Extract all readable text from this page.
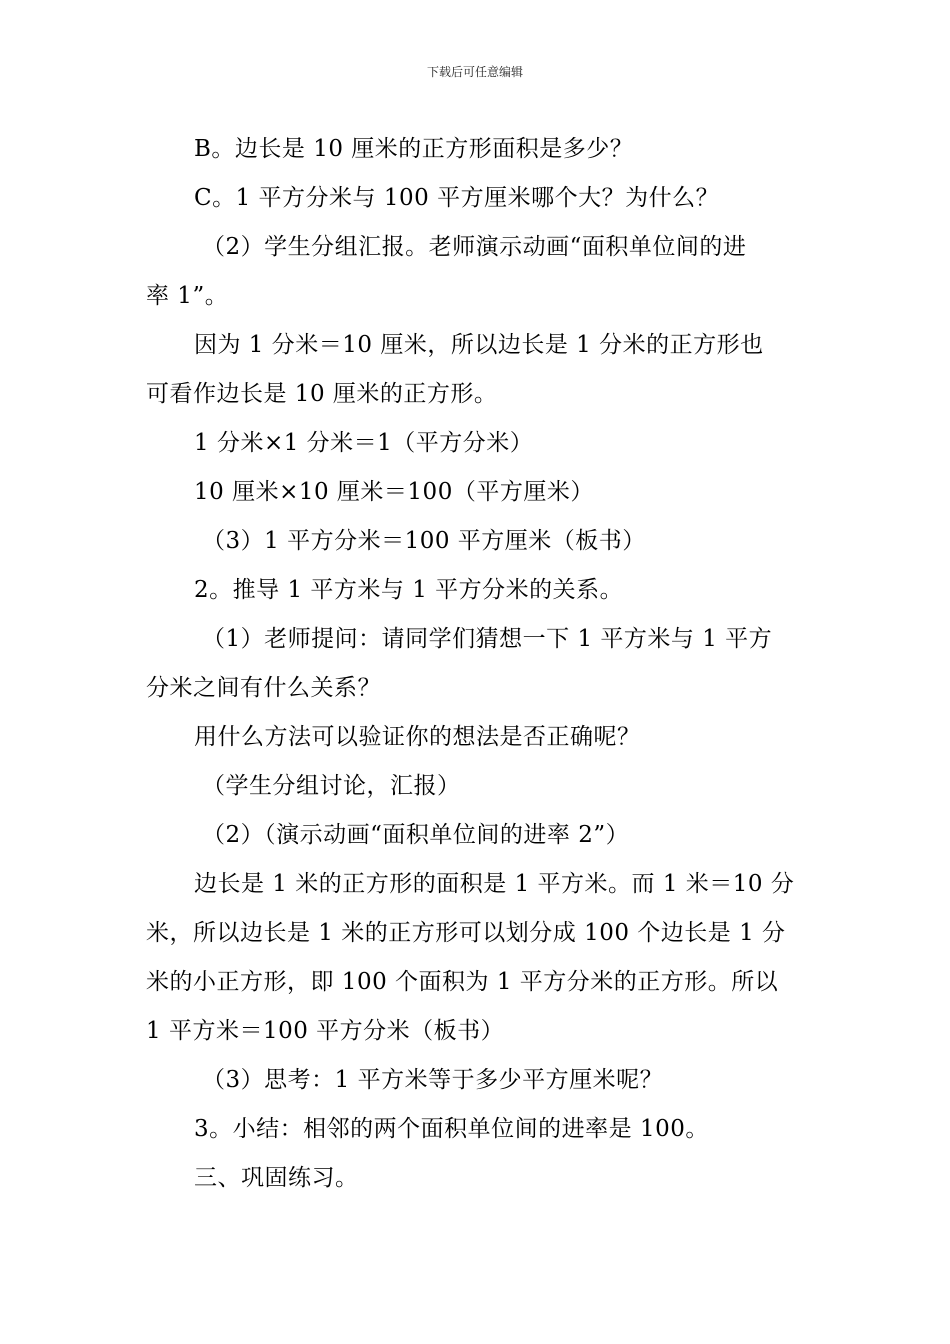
下载后可任意编辑
B。边长是 10 厘米的正方形面积是多少？
C。1 平方分米与 100 平方厘米哪个大？为什么？
（2）学生分组汇报。老师演示动画“面积单位间的进
率 1”。
因为 1 分米＝10 厘米，所以边长是 1 分米的正方形也
可看作边长是 10 厘米的正方形。
1 分米×1 分米＝1（平方分米）
10 厘米×10 厘米＝100（平方厘米）
（3）1 平方分米＝100 平方厘米（板书）
2。推导 1 平方米与 1 平方分米的关系。
（1）老师提问：请同学们猜想一下 1 平方米与 1 平方
分米之间有什么关系？
用什么方法可以验证你的想法是否正确呢？
（学生分组讨论，汇报）
（2）（演示动画“面积单位间的进率 2”）
边长是 1 米的正方形的面积是 1 平方米。而 1 米＝10 分
米，所以边长是 1 米的正方形可以划分成 100 个边长是 1 分
米的小正方形，即 100 个面积为 1 平方分米的正方形。所以
1 平方米＝100 平方分米（板书）
（3）思考：1 平方米等于多少平方厘米呢？
3。小结：相邻的两个面积单位间的进率是 100。
三、巩固练习。
